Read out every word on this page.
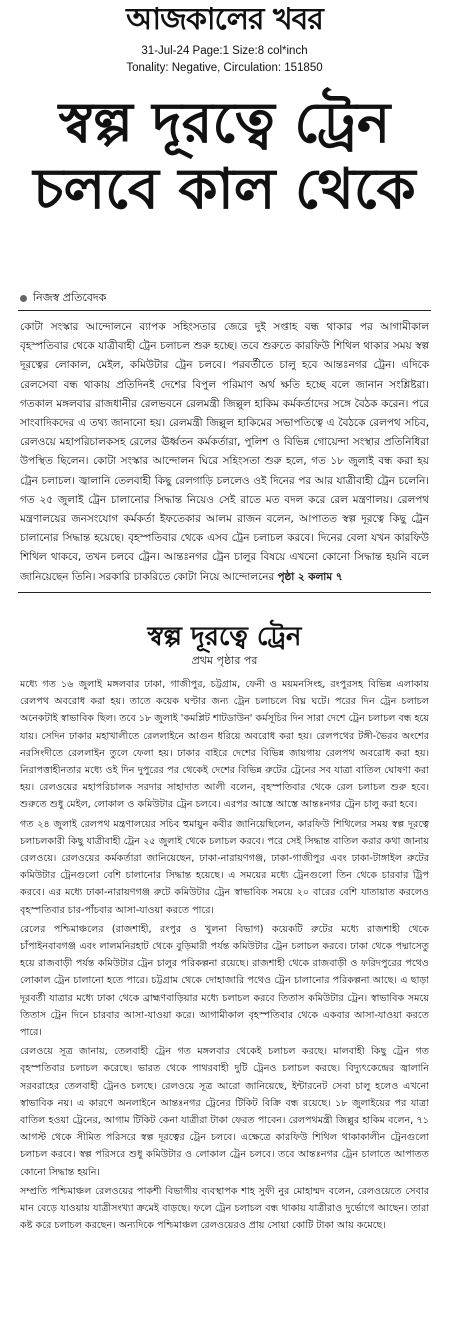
আজকালের খবর
31-Jul-24 Page:1 Size:8 col*inch
Tonality: Negative, Circulation: 151850
স্বল্প দূরত্বে ট্রেন চলবে কাল থেকে
নিজস্ব প্রতিবেদক
কোটা সংস্কার আন্দোলনে ব্যাপক সহিংসতার জেরে দুই সপ্তাহ বন্ধ থাকার পর আগামীকাল বৃহস্পতিবার থেকে যাত্রীবাহী ট্রেন চলাচল শুরু হচ্ছে। তবে শুরুতে কারফিউ শিথিল থাকার সময় স্বল্প দূরত্বের লোকাল, মেইল, কমিউটার ট্রেন চলবে। পরবর্তীতে চালু হবে আন্তঃনগর ট্রেন। এদিকে রেলসেবা বন্ধ থাকায় প্রতিদিনই দেশের বিপুল পরিমাণ অর্থ ক্ষতি হচ্ছে বলে জানান সংশ্লিষ্টরা। গতকাল মঙ্গলবার রাজধানীর রেলভবনে রেলমন্ত্রী জিল্লুল হাকিম কর্মকর্তাদের সঙ্গে বৈঠক করেন। পরে সাংবাদিকদের এ তথ্য জানানো হয়। রেলমন্ত্রী জিল্লুল হাকিমের সভাপতিত্বে এ বৈঠকে রেলপথ সচিব, রেলওয়ে মহাপরিচালকসহ রেলের ঊর্ধ্বতন কর্মকর্তারা, পুলিশ ও বিভিন্ন গোয়েন্দা সংস্থার প্রতিনিধিরা উপস্থিত ছিলেন। কোটা সংস্কার আন্দোলন ঘিরে সহিংসতা শুরু হলে, গত ১৮ জুলাই বন্ধ করা হয় ট্রেন চলাচল। জ্বালানি তেলবাহী কিছু রেলগাড়ি চললেও ওই দিনের পর আর যাত্রীবাহী ট্রেন চলেনি। গত ২৫ জুলাই ট্রেন চালানোর সিদ্ধান্ত নিয়েও সেই রাতে মত বদল করে রেল মন্ত্রণালয়। রেলপথ মন্ত্রণালয়ের জনসংযোগ কর্মকর্তা ইফতেকার আলম রাজন বলেন, আপাতত স্বল্প দূরত্বে কিছু ট্রেন চালানোর সিদ্ধান্ত হয়েছে। বৃহস্পতিবার থেকে এসব ট্রেন চলাচল করবে। দিনের বেলা যখন কারফিউ শিথিল থাকবে, তখন চলবে ট্রেন। আন্তঃনগর ট্রেন চালুর বিষয়ে এখনো কোনো সিদ্ধান্ত হয়নি বলে জানিয়েছেন তিনি। সরকারি চাকরিতে কোটা নিয়ে আন্দোলনের পৃষ্ঠা ২ কলাম ৭
স্বল্প দূরত্বে ট্রেন
প্রথম পৃষ্ঠার পর

মধ্যে গত ১৬ জুলাই মঙ্গলবার ঢাকা, গাজীপুর, চট্টগ্রাম, ফেনী ও ময়মনসিংহ, রংপুরসহ বিভিন্ন এলাকায় রেলপথ অবরোধ করা হয়। তাতে কয়েক ঘণ্টার জন্য ট্রেন চলাচলে বিঘ্ন ঘটে। পরের দিন ট্রেন চলাচল অনেকটাই স্বাভাবিক ছিল। তবে ১৮ জুলাই 'কমপ্লিট শাটডাউন' কর্মসূচির দিন সারা দেশে ট্রেন চলাচল বন্ধ হয়ে যায়। সেদিন ঢাকার মহাখালীতে রেললাইনে আগুন ধরিয়ে অবরোধ করা হয়। রেলপথের টঙ্গী-ভৈরব অংশের নরসিংদীতে রেললাইন তুলে ফেলা হয়। ঢাকার বাইরে দেশের বিভিন্ন জায়গায় রেলপথ অবরোধ করা হয়। নিরাপত্তাহীনতার মধ্যে ওই দিন দুপুরের পর থেকেই দেশের বিভিন্ন রুটের ট্রেনের সব যাত্রা বাতিল ঘোষণা করা হয়। রেলওয়ের মহাপরিচালক সরদার সাহাদাত আলী বলেন, বৃহস্পতিবার থেকে রেল চলাচল শুরু হবে। শুরুতে শুধু মেইল, লোকাল ও কমিউটার ট্রেন চলবে। এরপর আস্তে আস্তে আন্তঃনগর ট্রেন চালু করা হবে।

গত ২৪ জুলাই রেলপথ মন্ত্রণালয়ের সচিব হুমায়ুন কবীর জানিয়েছিলেন, কারফিউ শিথিলের সময় স্বল্প দূরত্বে চলাচলকারী কিছু যাত্রীবাহী ট্রেন ২৫ জুলাই থেকে চলাচল করবে। পরে সেই সিদ্ধান্ত বাতিল করার কথা জানায় রেলওয়ে। রেলওয়ের কর্মকর্তারা জানিয়েছেন, ঢাকা-নারায়ণগঞ্জ, ঢাকা-গাজীপুর এবং ঢাকা-টাঙ্গাইল রুটের কমিউটার ট্রেনগুলো বেশি চালানোর সিদ্ধান্ত হয়েছে। এ সময়ের মধ্যে ট্রেনগুলো তিন থেকে চারবার ট্রিপ করবে। এর মধ্যে ঢাকা-নারায়ণগঞ্জ রুটে কমিউটার ট্রেন স্বাভাবিক সময়ে ২০ বারের বেশি যাতায়াত করলেও বৃহস্পতিবার চার-পাঁচবার আসা-যাওয়া করতে পারে।

রেলের পশ্চিমাঞ্চলের (রাজশাহী, রংপুর ও খুলনা বিভাগ) কয়েকটি রুটের মধ্যে রাজশাহী থেকে চাঁপাইনবাবগঞ্জ এবং লালমনিরহাট থেকে বুড়িমারী পর্যন্ত কমিউটার ট্রেন চলাচল করবে। ঢাকা থেকে পদ্মাসেতু হয়ে রাজবাড়ী পর্যন্ত কমিউটার ট্রেন চালুর পরিকল্পনা রয়েছে। রাজশাহী থেকে রাজবাড়ী ও ফরিদপুরের পথেও লোকাল ট্রেন চালানো হতে পারে। চট্টগ্রাম থেকে দোহাজারি পথেও ট্রেন চালানোর পরিকল্পনা আছে। এ ছাড়া দূরবর্তী যাত্রার মধ্যে ঢাকা থেকে ব্রাহ্মণবাড়িয়ার মধ্যে চলাচল করবে তিতাস কমিউটার ট্রেন। স্বাভাবিক সময়ে তিতাস ট্রেন দিনে চারবার আসা-যাওয়া করে। আগামীকাল বৃহস্পতিবার থেকে একবার আসা-যাওয়া করতে পারে।

রেলওয়ে সূত্র জানায়, তেলবাহী ট্রেন গত মঙ্গলবার থেকেই চলাচল করছে। মালবাহী কিছু ট্রেন গত বৃহস্পতিবার চলাচল করেছে। ভারত থেকে পাথরবাহী দুটি ট্রেনও চলাচল করছে। বিদ্যুৎকেন্দ্রের জ্বালানি সরবরাহের তেলবাহী ট্রেনও চলছে। রেলওয়ে সূত্র আরো জানিয়েছে, ইন্টারনেট সেবা চালু হলেও এখনো স্বাভাবিক নয়। এ কারণে অনলাইনে আন্তঃনগর ট্রেনের টিকিট বিক্রি বন্ধ রয়েছে। ১৮ জুলাইয়ের পর যাত্রা বাতিল হওয়া ট্রেনের, আগাম টিকিট কেনা যাত্রীরা টাকা ফেরত পাবেন। রেলপথমন্ত্রী জিল্লুর হাকিম বলেন, ৭১ আগস্ট থেকে সীমিত পরিসরে স্বল্প দূরত্বের ট্রেন চলবে। এক্ষেত্রে কারফিউ শিথিল থাকাকালীন ট্রেনগুলো চলাচল করবে। স্বল্প পরিসরে শুধু কমিউটার ও লোকাল ট্রেন চলবে। তবে আন্তঃনগর ট্রেন চালাতে আপাতত কোনো সিদ্ধান্ত হয়নি।

সম্প্রতি পশ্চিমাঞ্চল রেলওয়ের পাকশী বিভাগীয় ব্যবস্থাপক শাহ সুফী নুর মোহাম্মদ বলেন, রেলওয়েতে সেবার মান বেড়ে যাওয়ায় যাত্রীসংখ্যা ক্রমেই বাড়ছে। ফলে ট্রেন চলাচল বন্ধ থাকায় যাত্রীরাও দুর্ভোগে আছেন। তারা কষ্ট করে চলাচল করছেন। অন্যদিকে পশ্চিমাঞ্চল রেলওয়েরও প্রায় সোয়া কোটি টাকা আয় কমেছে।
